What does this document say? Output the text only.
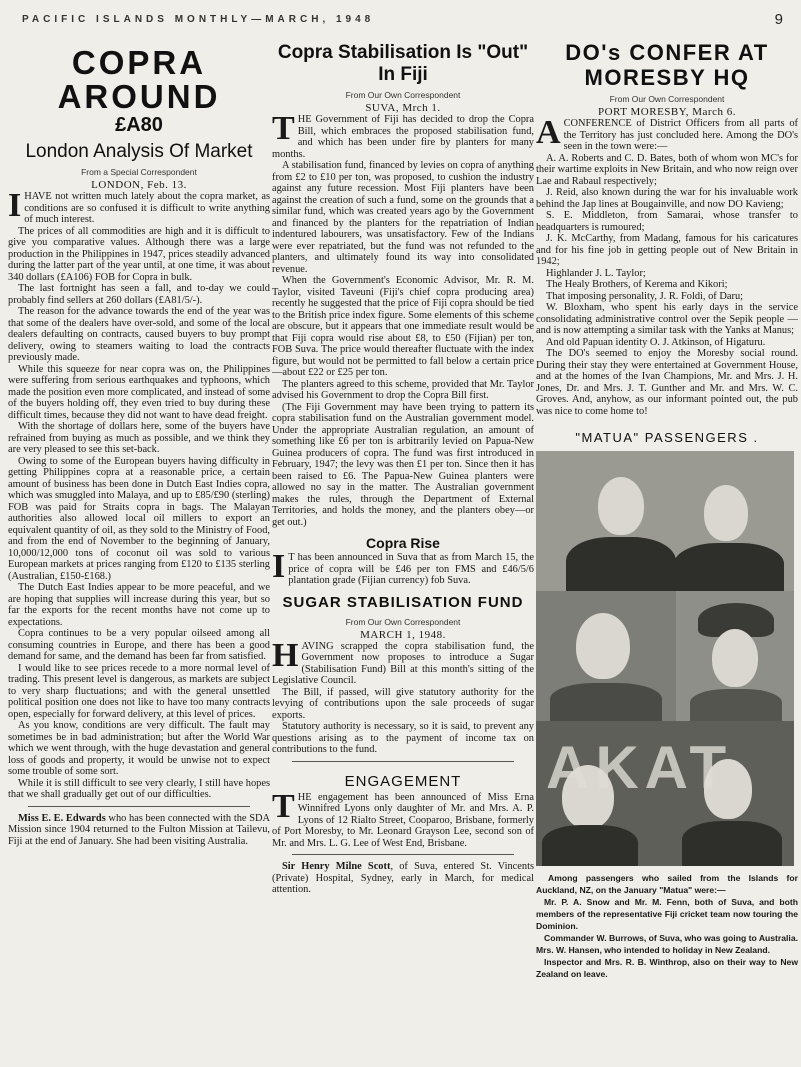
PACIFIC ISLANDS MONTHLY—MARCH, 1948	9
COPRA AROUND
£A80
London Analysis Of Market
From a Special Correspondent
LONDON, Feb. 13.

IHAVE not written much lately about the copra market, as conditions are so confused it is difficult to write anything of much interest.

The prices of all commodities are high and it is difficult to give you comparative values. Although there was a large production in the Philippines in 1947, prices steadily advanced during the latter part of the year until, at one time, it was about 340 dollars (£A106) FOB for Copra in bulk.

The last fortnight has seen a fall, and to-day we could probably find sellers at 260 dollars (£A81/5/-).

The reason for the advance towards the end of the year was that some of the dealers have over-sold, and some of the local dealers defaulting on contracts, caused buyers to buy prompt delivery, owing to steamers waiting to load the contracts previously made.

While this squeeze for near copra was on, the Philippines were suffering from serious earthquakes and typhoons, which made the position even more complicated, and instead of some of the buyers holding off, they even tried to buy during these difficult times, because they did not want to have dead freight.

With the shortage of dollars here, some of the buyers have refrained from buying as much as possible, and we think they are very pleased to see this set-back.

Owing to some of the European buyers having difficulty in getting Philippines copra at a reasonable price, a certain amount of business has been done in Dutch East Indies copra, which was smuggled into Malaya, and up to £85/£90 (sterling) FOB was paid for Straits copra in bags. The Malayan authorities also allowed local oil millers to export an equivalent quantity of oil, as they sold to the Ministry of Food, and from the end of November to the beginning of January, 10,000/12,000 tons of coconut oil was sold to various European markets at prices ranging from £120 to £135 sterling (Australian, £150-£168.)

The Dutch East Indies appear to be more peaceful, and we are hoping that supplies will increase during this year, but so far the exports for the recent months have not come up to expectations.

Copra continues to be a very popular oilseed among all consuming countries in Europe, and there has been a good demand for same, and the demand has been far from satisfied.

I would like to see prices recede to a more normal level of trading. This present level is dangerous, as markets are subject to very sharp fluctuations; and with the general unsettled political position one does not like to have too many contracts open, especially for forward delivery, at this level of prices.

As you know, conditions are very difficult. The fault may sometimes be in bad administration; but after the World War which we went through, with the huge devastation and general loss of goods and property, it would be unwise not to expect some trouble of some sort.

While it is still difficult to see very clearly, I still have hopes that we shall gradually get out of our difficulties.

Miss E. E. Edwards who has been connected with the SDA Mission since 1904 returned to the Fulton Mission at Tailevu, Fiji at the end of January. She had been visiting Australia.

Copra Stabilisation Is "Out" In Fiji
From Our Own Correspondent
SUVA, Mrch 1.

THE Government of Fiji has decided to drop the Copra Bill, which embraces the proposed stabilisation fund, and which has been under fire by planters for many months.

A stabilisation fund, financed by levies on copra of anything from £2 to £10 per ton, was proposed, to cushion the industry against any future recession. Most Fiji planters have been against the creation of such a fund, some on the grounds that a similar fund, which was created years ago by the Government and financed by the planters for the repatriation of Indian indentured labourers, was unsatisfactory. Few of the Indians were ever repatriated, but the fund was not refunded to the planters, and ultimately found its way into consolidated revenue.

When the Government's Economic Advisor, Mr. R. M. Taylor, visited Taveuni (Fiji's chief copra producing area) recently he suggested that the price of Fiji copra should be tied to the British price index figure. Some elements of this scheme are obscure, but it appears that one immediate result would be that Fiji copra would rise about £8, to £50 (Fijian) per ton, FOB Suva. The price would thereafter fluctuate with the index figure, but would not be permitted to fall below a certain price—about £22 or £25 per ton.

The planters agreed to this scheme, provided that Mr. Taylor advised his Government to drop the Copra Bill first.

(The Fiji Government may have been trying to pattern its copra stabilisation fund on the Australian government model. Under the appropriate Australian regulation, an amount of something like £6 per ton is arbitrarily levied on Papua-New Guinea producers of copra. The fund was first introduced in February, 1947; the levy was then £1 per ton. Since then it has been raised to £6. The Papua-New Guinea planters were allowed no say in the matter. The Australian government makes the rules, through the Department of External Territories, and holds the money, and the planters obey—or get out.)

Copra Rise

I T has been announced in Suva that as from March 15, the price of copra will be £46 per ton FMS and £46/5/6 plantation grade (Fijian currency) fob Suva.

SUGAR STABILISATION FUND
From Our Own Correspondent
MARCH 1, 1948.

HAVING scrapped the copra stabilisation fund, the Government now proposes to introduce a Sugar (Stabilisation Fund) Bill at this month's sitting of the Legislative Council.

The Bill, if passed, will give statutory authority for the levying of contributions upon the sale proceeds of sugar exports.

Statutory authority is necessary, so it is said, to prevent any questions arising as to the payment of income tax on contributions to the fund.

ENGAGEMENT

THE engagement has been announced of Miss Erna Winnifred Lyons only daughter of Mr. and Mrs. A. P. Lyons of 12 Rialto Street, Cooparoo, Brisbane, formerly of Port Moresby, to Mr. Leonard Grayson Lee, second son of Mr. and Mrs. L. G. Lee of West End, Brisbane.

Sir Henry Milne Scott, of Suva, entered St. Vincents (Private) Hospital, Sydney, early in March, for medical attention.

DO's CONFER AT MORESBY HQ
From Our Own Correspondent
PORT MORESBY, March 6.

ACONFERENCE of District Officers from all parts of the Territory has just concluded here. Among the DO's seen in the town were:—

A. A. Roberts and C. D. Bates, both of whom won MC's for their wartime exploits in New Britain, and who now reign over Lae and Rabaul respectively;

J. Reid, also known during the war for his invaluable work behind the Jap lines at Bougainville, and now DO Kavieng;

S. E. Middleton, from Samarai, whose transfer to headquarters is rumoured;

J. K. McCarthy, from Madang, famous for his caricatures and for his fine job in getting people out of New Britain in 1942;

Highlander J. L. Taylor;

The Healy Brothers, of Kerema and Kikori;

That imposing personality, J. R. Foldi, of Daru;

W. Bloxham, who spent his early days in the service consolidating administrative control over the Sepik people — and is now attempting a similar task with the Yanks at Manus;

And old Papuan identity O. J. Atkinson, of Higaturu.

The DO's seemed to enjoy the Moresby social round. During their stay they were entertained at Government House, and at the homes of the Ivan Champions, Mr. and Mrs. J. H. Jones, Dr. and Mrs. J. T. Gunther and Mr. and Mrs. W. C. Groves. And, anyhow, as our informant pointed out, the pub was nice to come home to!

"MATUA" PASSENGERS .
AKAT

Among passengers who sailed from the Islands for Auckland, NZ, on the January "Matua" were:—

Mr. P. A. Snow and Mr. M. Fenn, both of Suva, and both members of the representative Fiji cricket team now touring the Dominion.

Commander W. Burrows, of Suva, who was going to Australia. Mrs. W. Hansen, who intended to holiday in New Zealand.

Inspector and Mrs. R. B. Winthrop, also on their way to New Zealand on leave.
